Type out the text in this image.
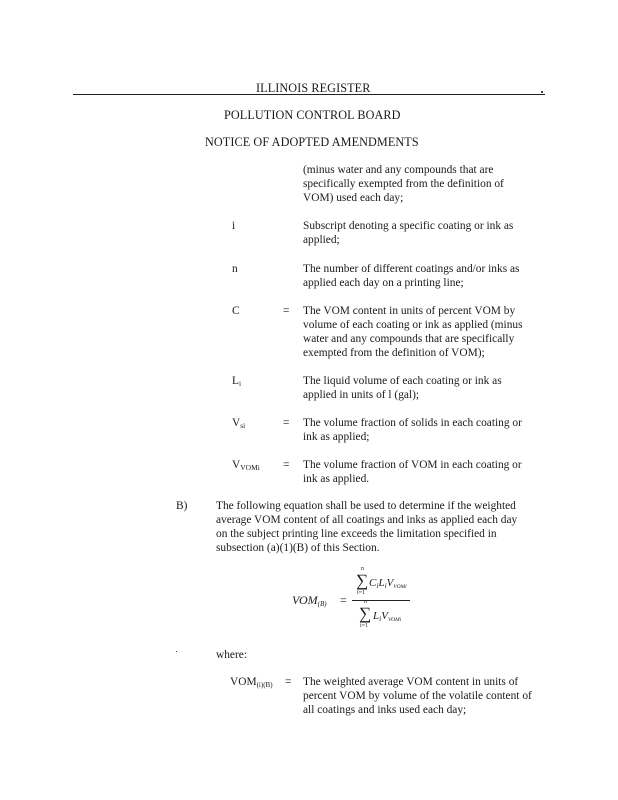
ILLINOIS REGISTER
POLLUTION CONTROL BOARD
NOTICE OF ADOPTED AMENDMENTS
(minus water and any compounds that are
specifically exempted from the definition of
VOM) used each day;
i	Subscript denoting a specific coating or ink as
applied;
n	The number of different coatings and/or inks as
applied each day on a printing line;
C	= The VOM content in units of percent VOM by
volume of each coating or ink as applied (minus
water and any compounds that are specifically
exempted from the definition of VOM);
$L_i$	The liquid volume of each coating or ink as
applied in units of l (gal);
$V_{si}$	= The volume fraction of solids in each coating or
ink as applied;
$V_{VOMi}$ = The volume fraction of VOM in each coating or
ink as applied.
B)	The following equation shall be used to determine if the weighted
average VOM content of all coatings and inks as applied each day
on the subject printing line exceeds the limitation specified in
subsection (a)(1)(B) of this Section.
$VOM_{(B)}$ =
n
∑
i=1
$C_iL_iV_{VOMi}$
n
∑
i=1
$L_iV_{VOMi}$
where:
$VOM_{(i)(B)}$ = The weighted average VOM content in units of
percent VOM by volume of the volatile content of
all coatings and inks used each day;
